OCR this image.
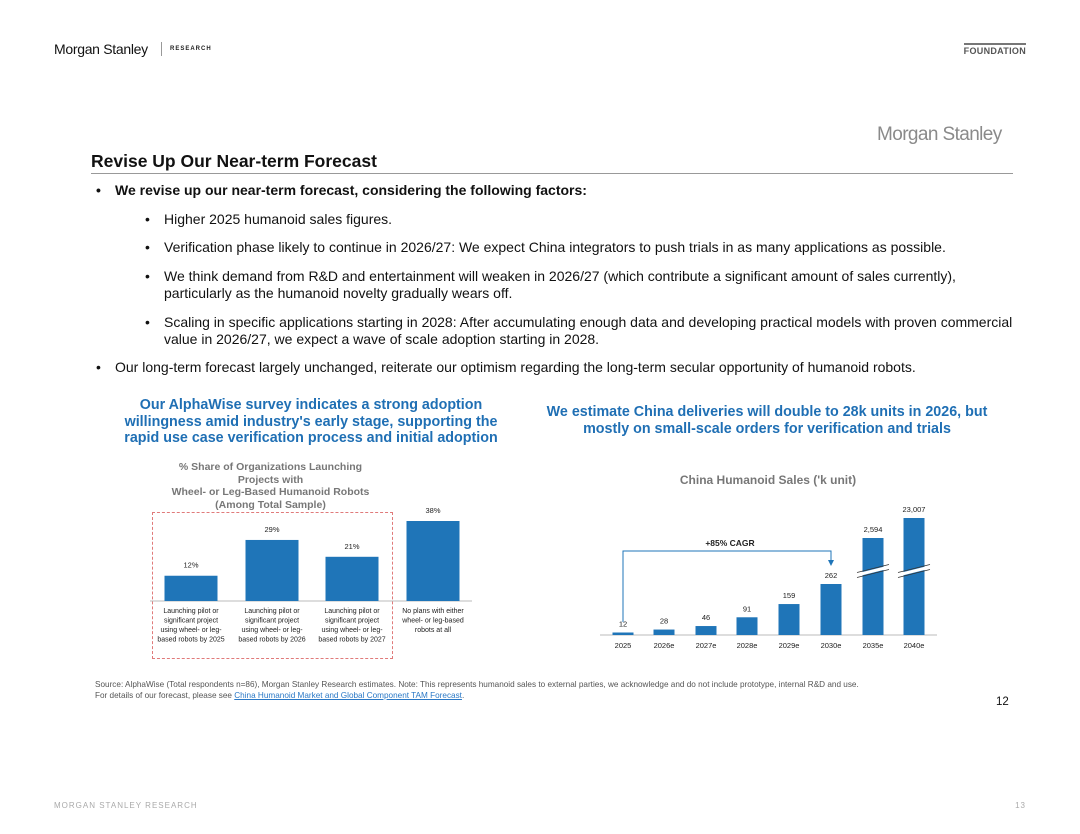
Morgan Stanley	RESEARCH	FOUNDATION
Morgan Stanley
Revise Up Our Near-term Forecast
• We revise up our near-term forecast, considering the following factors:
• Higher 2025 humanoid sales figures.
• Verification phase likely to continue in 2026/27: We expect China integrators to push trials in as many applications as possible.
• We think demand from R&D and entertainment will weaken in 2026/27 (which contribute a significant amount of sales currently), particularly as the humanoid novelty gradually wears off.
• Scaling in specific applications starting in 2028: After accumulating enough data and developing practical models with proven commercial value in 2026/27, we expect a wave of scale adoption starting in 2028.
• Our long-term forecast largely unchanged, reiterate our optimism regarding the long-term secular opportunity of humanoid robots.
Our AlphaWise survey indicates a strong adoption willingness amid industry's early stage, supporting the rapid use case verification process and initial adoption
We estimate China deliveries will double to 28k units in 2026, but mostly on small-scale orders for verification and trials
% Share of Organizations Launching Projects with
Wheel- or Leg-Based Humanoid Robots
(Among Total Sample)
China Humanoid Sales ('k unit)
12%
Launching pilot or
significant project
using wheel- or leg-
based robots by 2025
29%
Launching pilot or
significant project
using wheel- or leg-
based robots by 2026
21%
Launching pilot or
significant project
using wheel- or leg-
based robots by 2027
38%
No plans with either
wheel- or leg-based
robots at all
12
2025
28
2026e
46
2027e
91
2028e
159
2029e
262
2030e
2,594
2035e
23,007
2040e
+85% CAGR
Source: AlphaWise (Total respondents n=86), Morgan Stanley Research estimates. Note: This represents humanoid sales to external parties, we acknowledge and do not include prototype, internal R&D and use.
For details of our forecast, please see China Humanoid Market and Global Component TAM Forecast.
12
MORGAN STANLEY RESEARCH	13
